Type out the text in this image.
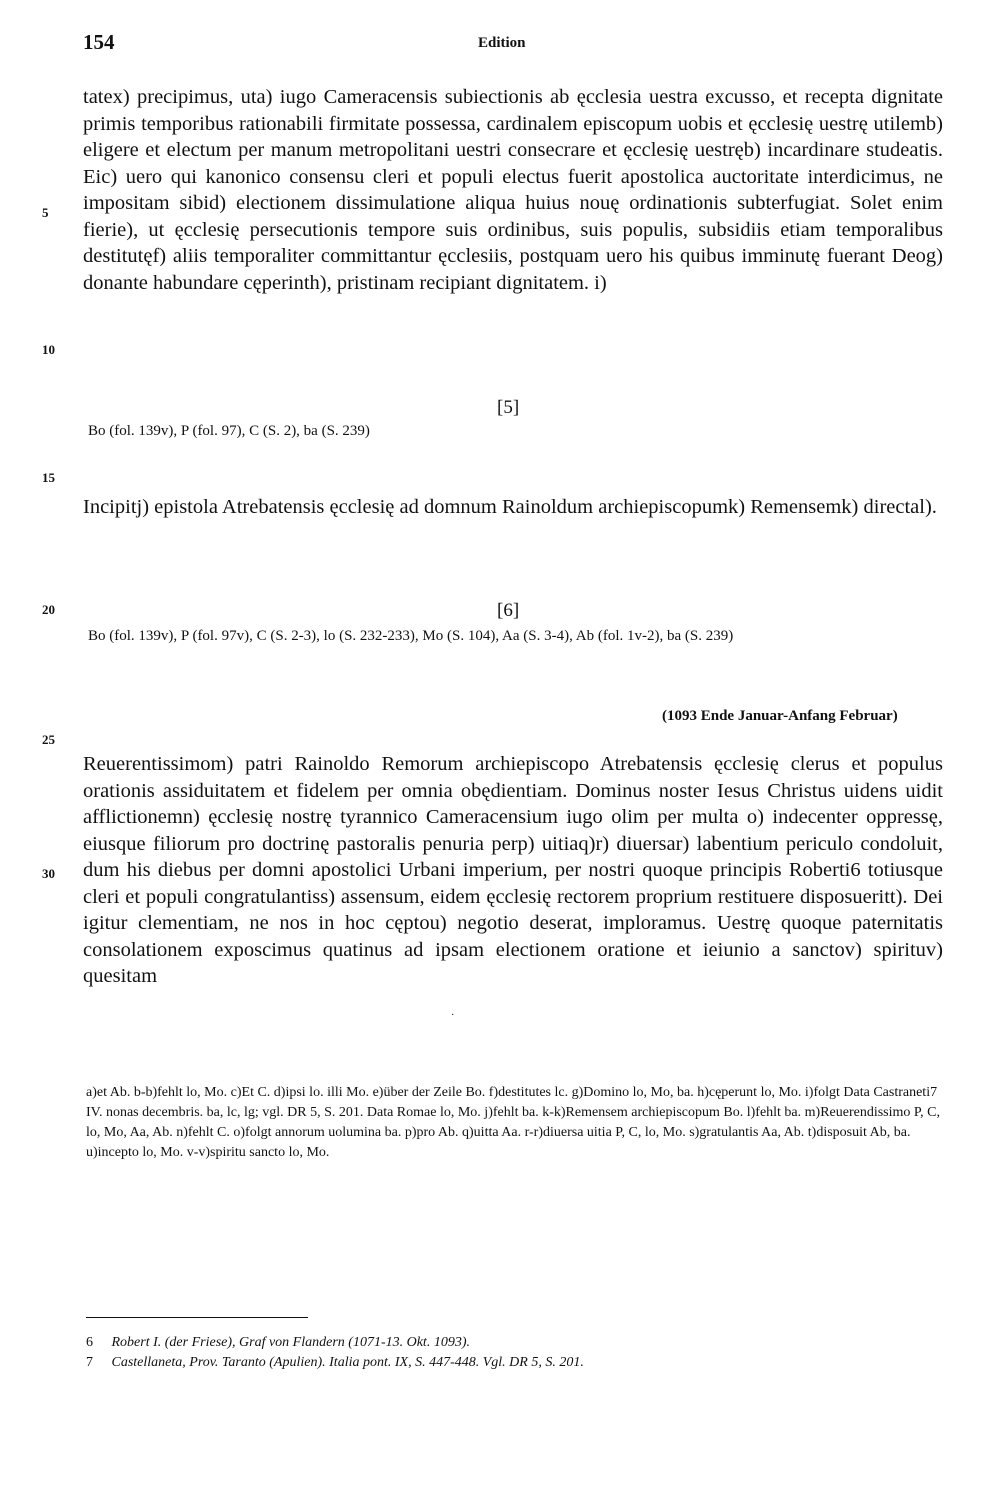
154	Edition
5
10
15
20
25
30
tatex) precipimus, uta) iugo Cameracensis subiectionis ab ęcclesia uestra excusso, et recepta dignitate primis temporibus rationabili firmitate possessa, cardinalem episcopum uobis et ęcclesię uestrę utilemb) eligere et electum per manum metropolitani uestri consecrare et ęcclesię uestręb) incardinare studeatis. Eic) uero qui kanonico consensu cleri et populi electus fuerit apostolica auctoritate interdicimus, ne impositam sibid) electionem dissimulatione aliqua huius nouę ordinationis subterfugiat. Solet enim fierie), ut ęcclesię persecutionis tempore suis ordinibus, suis populis, subsidiis etiam temporalibus destitutęf) aliis temporaliter committantur ęcclesiis, postquam uero his quibus imminutę fuerant Deog) donante habundare cęperinth), pristinam recipiant dignitatem. i)
[5]
Bo (fol. 139v), P (fol. 97), C (S. 2), ba (S. 239)
Incipitj) epistola Atrebatensis ęcclesię ad domnum Rainoldum archiepiscopumk) Remensemk) directal).
[6]
Bo (fol. 139v), P (fol. 97v), C (S. 2-3), lo (S. 232-233), Mo (S. 104), Aa (S. 3-4), Ab (fol. 1v-2), ba (S. 239)
(1093 Ende Januar-Anfang Februar)
Reuerentissimom) patri Rainoldo Remorum archiepiscopo Atrebatensis ęcclesię clerus et populus orationis assiduitatem et fidelem per omnia obędientiam. Dominus noster Iesus Christus uidens uidit afflictionemn) ęcclesię nostrę tyrannico Cameracensium iugo olim per multa o) indecenter oppressę, eiusque filiorum pro doctrinę pastoralis penuria perp) uitiaq)r) diuersar) labentium periculo condoluit, dum his diebus per domni apostolici Urbani imperium, per nostri quoque principis Roberti6 totiusque cleri et populi congratulantiss) assensum, eidem ęcclesię rectorem proprium restituere disposueritt). Dei igitur clementiam, ne nos in hoc cęptou) negotio deserat, imploramus. Uestrę quoque paternitatis consolationem exposcimus quatinus ad ipsam electionem oratione et ieiunio a sanctov) spirituv) quesitam
·
a)et Ab. b-b)fehlt lo, Mo. c)Et C. d)ipsi lo. illi Mo. e)über der Zeile Bo. f)destitutes lc. g)Domino lo, Mo, ba. h)cęperunt lo, Mo. i)folgt Data Castraneti7 IV. nonas decembris. ba, lc, lg; vgl. DR 5, S. 201. Data Romae lo, Mo. j)fehlt ba. k-k)Remensem archiepiscopum Bo. l)fehlt ba. m)Reuerendissimo P, C, lo, Mo, Aa, Ab. n)fehlt C. o)folgt annorum uolumina ba. p)pro Ab. q)uitta Aa. r-r)diuersa uitia P, C, lo, Mo. s)gratulantis Aa, Ab. t)disposuit Ab, ba. u)incepto lo, Mo. v-v)spiritu sancto lo, Mo.
6 Robert I. (der Friese), Graf von Flandern (1071-13. Okt. 1093).
7 Castellaneta, Prov. Taranto (Apulien). Italia pont. IX, S. 447-448. Vgl. DR 5, S. 201.
